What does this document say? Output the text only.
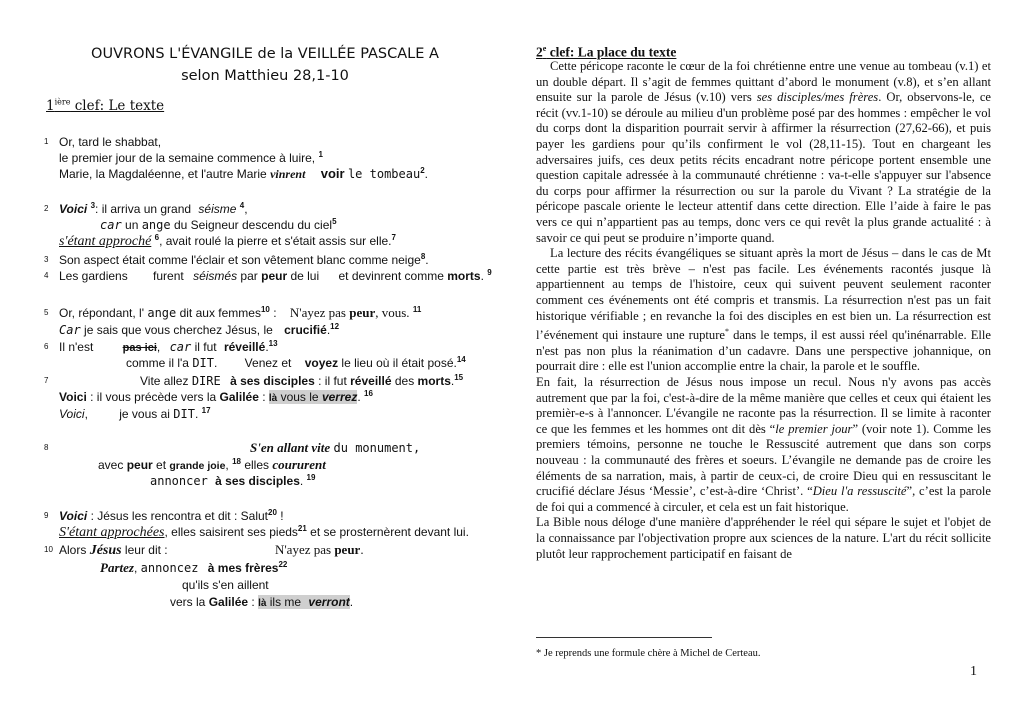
OUVRONS L'ÉVANGILE de la VEILLÉE PASCALE A
selon Matthieu 28,1-10
$1^{ière}$ clef: Le texte
1 Or, tard le shabbat,
le premier jour de la semaine commence à luire, $^1$
Marie, la Magdaléenne, et l'autre Marie vinrent voir le tombeau$^2$.
2 Voici $^3$: il arriva un grand séisme $^4$,
car un ange du Seigneur descendu du ciel$^5$
s'étant approché $^6$, avait roulé la pierre et s'était assis sur elle.$^7$
3 Son aspect était comme l'éclair et son vêtement blanc comme neige$^8$.
4 Les gardiens furent séismés par peur de lui et devinrent comme morts. $^9$
5 Or, répondant, l' ange dit aux femmes$^{10}$ : N'ayez pas peur, vous. $^{11}$
Car je sais que vous cherchez Jésus, le crucifié.$^{12}$
6 Il n'est pas ici, car il fut réveillé.$^{13}$
comme il l'a DIT. Venez et voyez le lieu où il était posé.$^{14}$
7	Vite allez DIRE à ses disciples : il fut réveillé des morts.$^{15}$
Voici : il vous précède vers la Galilée : là vous le verrez. $^{16}$
Voici, je vous ai DIT. $^{17}$
8	S'en allant vite du monument,
avec peur et grande joie, $^{18}$ elles coururent
annoncer à ses disciples. $^{19}$
9 Voici : Jésus les rencontra et dit : Salut$^{20}$ !
S'étant approchées, elles saisirent ses pieds$^{21}$ et se prosternèrent devant lui.
10 Alors Jésus leur dit :	N'ayez pas peur.
Partez, annoncez à mes frères$^{22}$
qu'ils s'en aillent
vers la Galilée : là ils me verront.
2e clef: La place du texte

Cette péricope raconte le cœur de la foi chrétienne entre une venue au tombeau (v.1) et un double départ. Il s’agit de femmes quittant d’abord le monument (v.8), et s’en allant ensuite sur la parole de Jésus (v.10) vers ses disciples/mes frères. Or, observons-le, ce récit (vv.1-10) se déroule au milieu d'un problème posé par des hommes : empêcher le vol du corps dont la disparition pourrait servir à affirmer la résurrection (27,62-66), et puis payer les gardiens pour qu’ils confirment le vol (28,11-15). Tout en chargeant les adversaires juifs, ces deux petits récits encadrant notre péricope portent ensemble une question capitale adressée à la communauté chrétienne : va-t-elle s'appuyer sur l'absence du corps pour affirmer la résurrection ou sur la parole du Vivant ? La stratégie de la péricope pascale oriente le lecteur attentif dans cette direction. Elle l’aide à faire le pas vers ce qui n’appartient pas au temps, donc vers ce qui revêt la plus grande actualité : à savoir ce qui peut se produire n’importe quand.

La lecture des récits évangéliques se situant après la mort de Jésus – dans le cas de Mt cette partie est très brève – n'est pas facile. Les événements racontés jusque là appartiennent au temps de l'histoire, ceux qui suivent peuvent seulement raconter comment ces événements ont été compris et transmis. La résurrection n'est pas un fait historique vérifiable ; en revanche la foi des disciples en est bien un. La résurrection est l’événement qui instaure une rupture* dans le temps, il est aussi réel qu'inénarrable. Elle n'est pas non plus la réanimation d’un cadavre. Dans une perspective johannique, on pourrait dire : elle est l'union accomplie entre la chair, la parole et le souffle.

En fait, la résurrection de Jésus nous impose un recul. Nous n'y avons pas accès autrement que par la foi, c'est-à-dire de la même manière que celles et ceux qui étaient les premièr-e-s à l'annoncer. L'évangile ne raconte pas la résurrection. Il se limite à raconter ce que les femmes et les hommes ont dit dès “le premier jour” (voir note 1). Comme les premiers témoins, personne ne touche le Ressuscité autrement que dans son corps nouveau : la communauté des frères et soeurs. L’évangile ne demande pas de croire les éléments de sa narration, mais, à partir de ceux-ci, de croire Dieu qui en ressuscitant le crucifié déclare Jésus ‘Messie’, c’est-à-dire ‘Christ’. “Dieu l'a ressuscité”, c’est la parole de foi qui a commencé à circuler, et cela est un fait historique.

La Bible nous déloge d'une manière d'appréhender le réel qui sépare le sujet et l'objet de la connaissance par l'objectivation propre aux sciences de la nature. L'art du récit sollicite plutôt leur rapprochement participatif en faisant de

* Je reprends une formule chère à Michel de Certeau.
1
